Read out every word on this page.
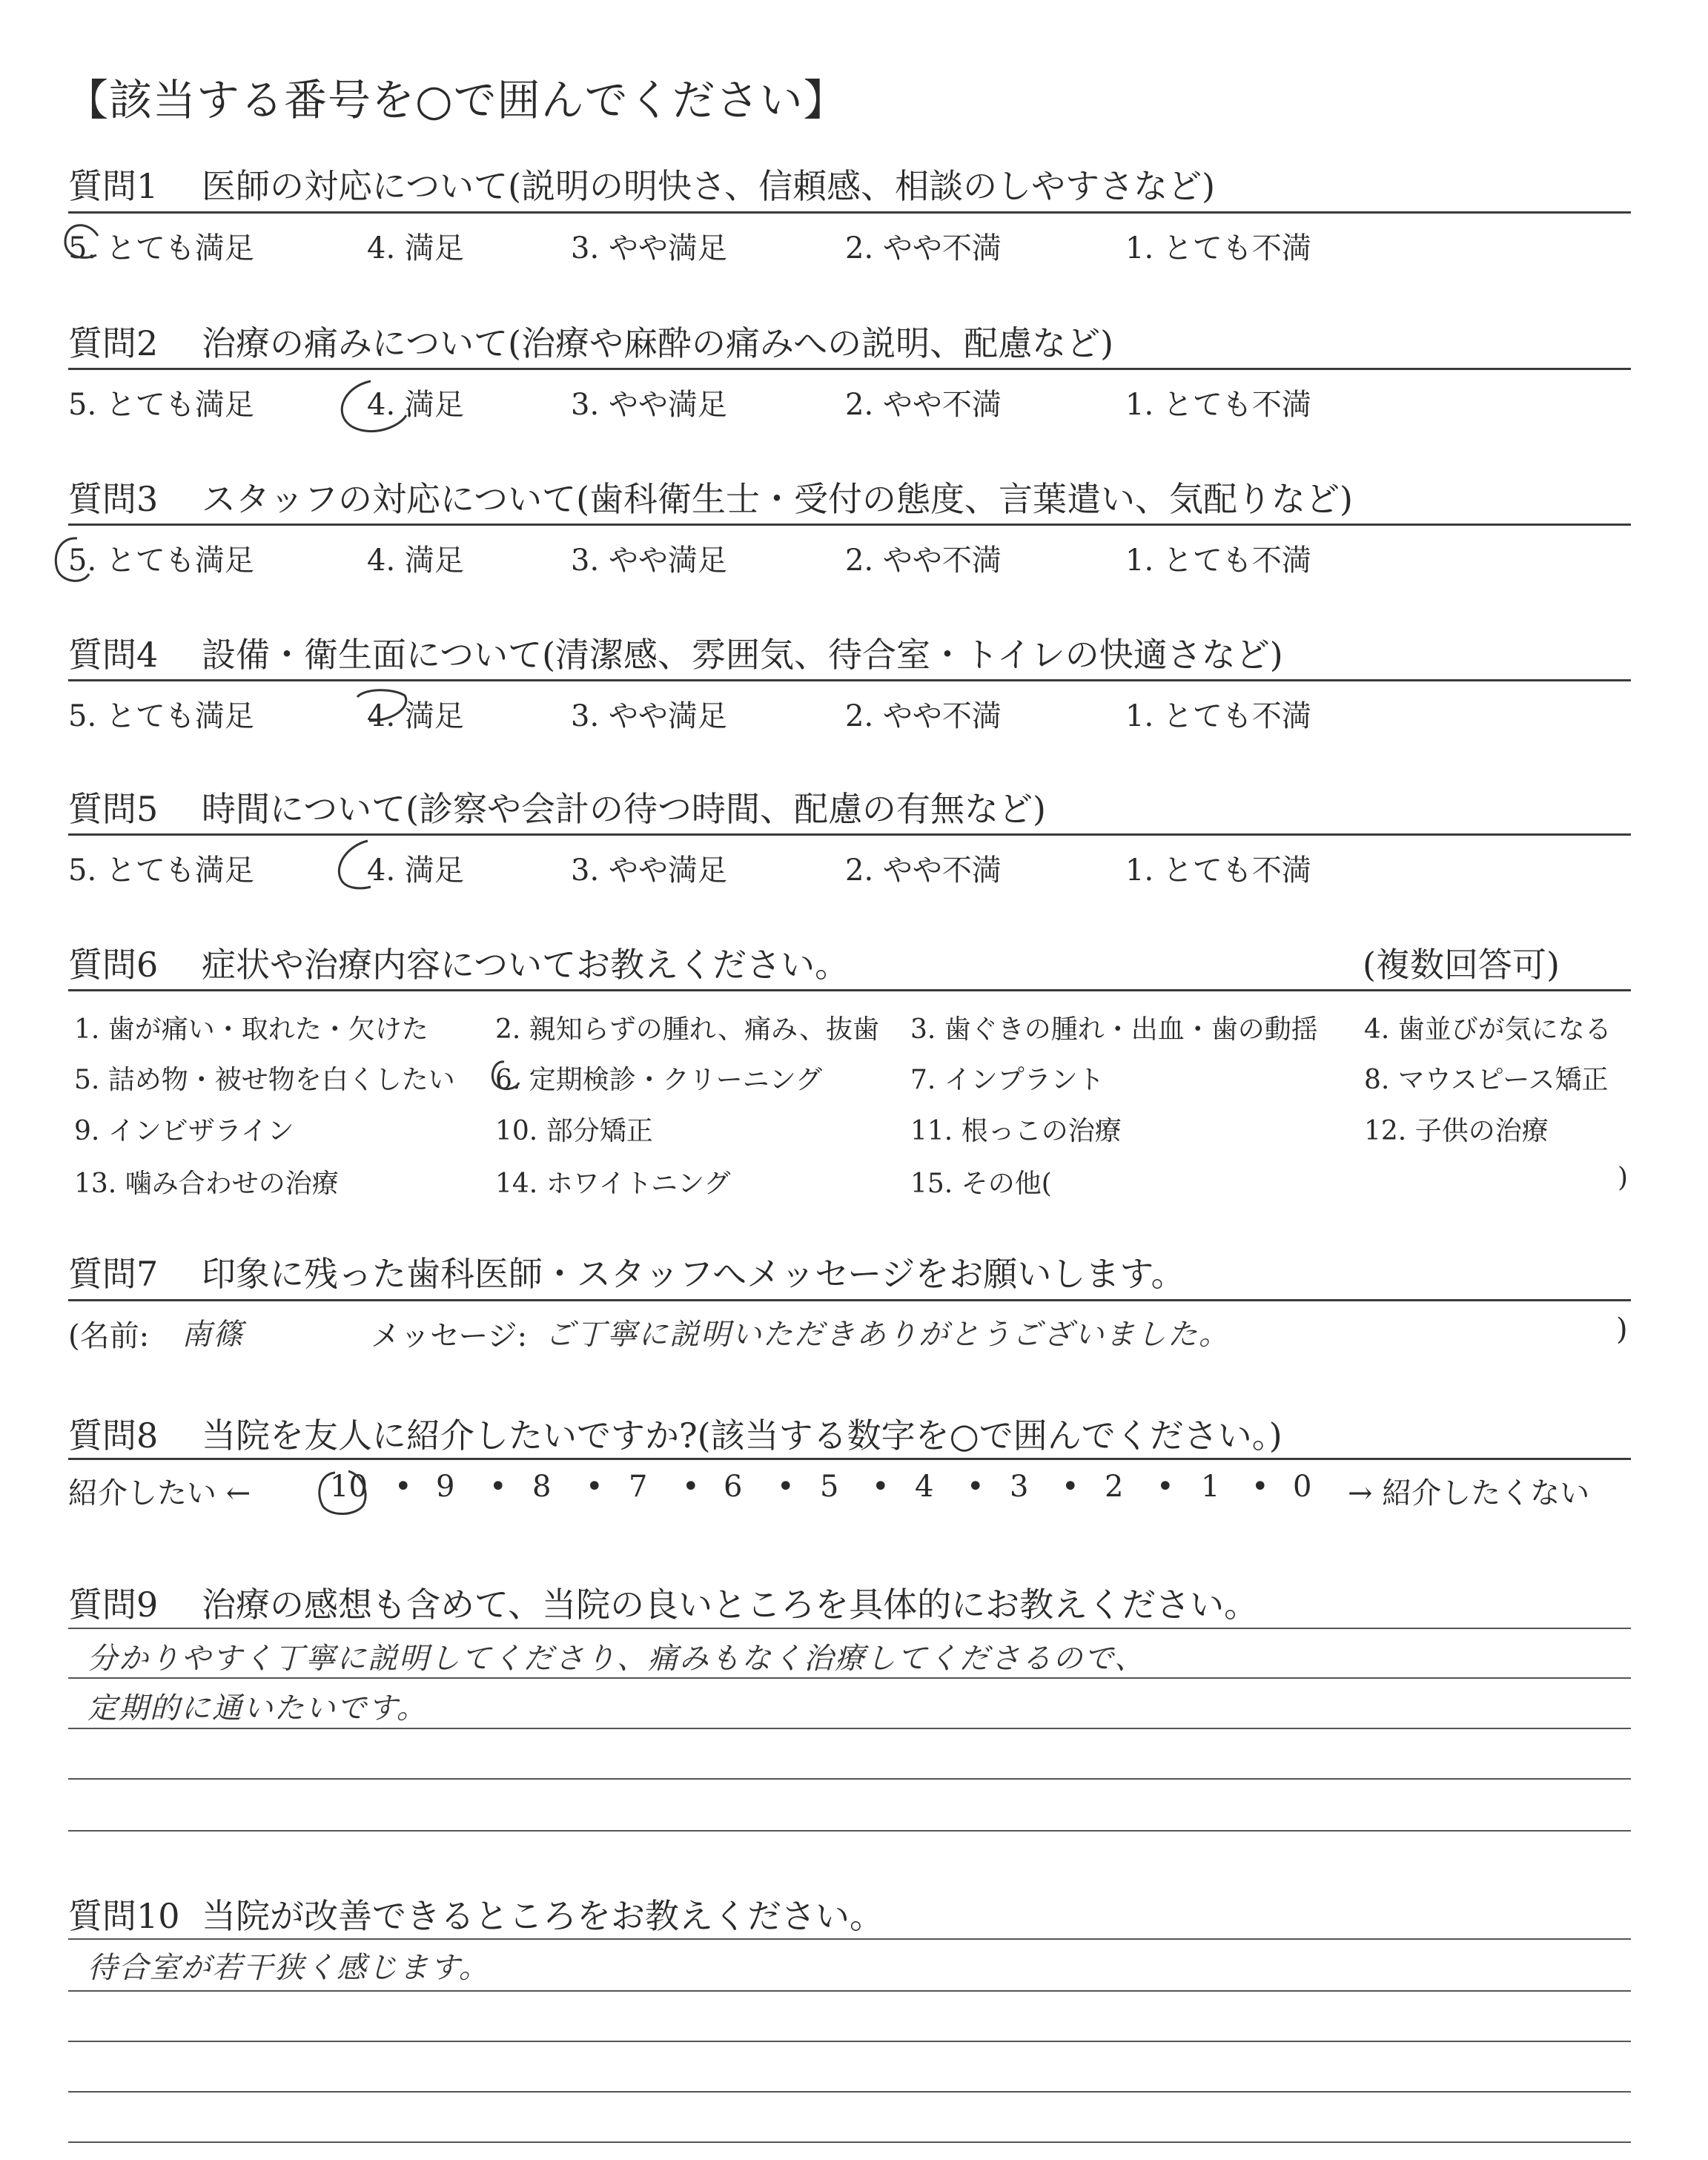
【該当する番号を○で囲んでください】
質問1 医師の対応について(説明の明快さ、信頼感、相談のしやすさなど)
5. とても満足	4. 満足	3. やや満足	2. やや不満	1. とても不満
質問2 治療の痛みについて(治療や麻酔の痛みへの説明、配慮など)
5. とても満足	4. 満足	3. やや満足	2. やや不満	1. とても不満
質問3 スタッフの対応について(歯科衛生士・受付の態度、言葉遣い、気配りなど)
5. とても満足	4. 満足	3. やや満足	2. やや不満	1. とても不満
質問4 設備・衛生面について(清潔感、雰囲気、待合室・トイレの快適さなど)
5. とても満足	4. 満足	3. やや満足	2. やや不満	1. とても不満
質問5 時間について(診察や会計の待つ時間、配慮の有無など)
5. とても満足	4. 満足	3. やや満足	2. やや不満	1. とても不満
質問6 症状や治療内容についてお教えください。	(複数回答可)
1. 歯が痛い・取れた・欠けた	2. 親知らずの腫れ、痛み、抜歯 3. 歯ぐきの腫れ・出血・歯の動揺 4. 歯並びが気になる
5. 詰め物・被せ物を白くしたい 6. 定期検診・クリーニング	7. インプラント	8. マウスピース矯正
9. インビザライン	10. 部分矯正	11. 根っこの治療	12. 子供の治療
13. 噛み合わせの治療	14. ホワイトニング	15. その他(	)
質問7 印象に残った歯科医師・スタッフへメッセージをお願いします。
(名前: 南篠	メッセージ: ご丁寧に説明いただきありがとうございました。	)
質問8 当院を友人に紹介したいですか?(該当する数字を○で囲んでください。)
紹介したい ←	10 • 9 • 8 • 7 • 6 • 5 • 4 • 3 • 2 • 1 • 0 → 紹介したくない
質問9 治療の感想も含めて、当院の良いところを具体的にお教えください。
分かりやすく丁寧に説明してくださり、痛みもなく治療してくださるので、
定期的に通いたいです。
質問10 当院が改善できるところをお教えください。
待合室が若干狭く感じます。
